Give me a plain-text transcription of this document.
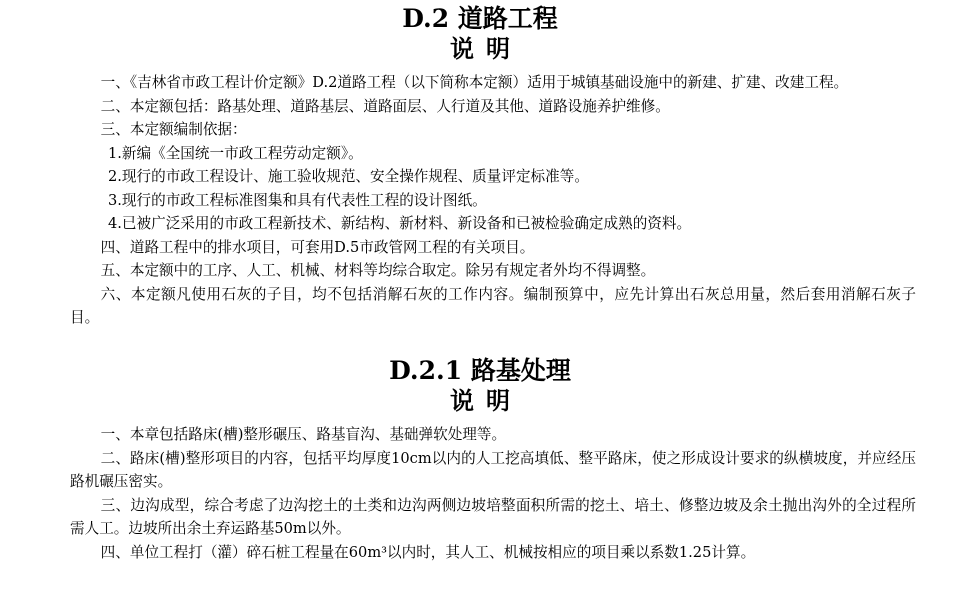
D.2 道路工程
说明

一、《吉林省市政工程计价定额》D.2道路工程（以下简称本定额）适用于城镇基础设施中的新建、扩建、改建工程。

二、本定额包括：路基处理、道路基层、道路面层、人行道及其他、道路设施养护维修。

三、本定额编制依据：

1.新编《全国统一市政工程劳动定额》。

2.现行的市政工程设计、施工验收规范、安全操作规程、质量评定标准等。

3.现行的市政工程标准图集和具有代表性工程的设计图纸。

4.已被广泛采用的市政工程新技术、新结构、新材料、新设备和已被检验确定成熟的资料。

四、道路工程中的排水项目，可套用D.5市政管网工程的有关项目。

五、本定额中的工序、人工、机械、材料等均综合取定。除另有规定者外均不得调整。

六、本定额凡使用石灰的子目，均不包括消解石灰的工作内容。编制预算中，应先计算出石灰总用量，然后套用消解石灰子目。

D.2.1 路基处理
说明

一、本章包括路床(槽)整形碾压、路基盲沟、基础弹软处理等。

二、路床(槽)整形项目的内容，包括平均厚度10cm以内的人工挖高填低、整平路床，使之形成设计要求的纵横坡度，并应经压路机碾压密实。

三、边沟成型，综合考虑了边沟挖土的土类和边沟两侧边坡培整面积所需的挖土、培土、修整边坡及余土抛出沟外的全过程所需人工。边坡所出余土弃运路基50m以外。

四、单位工程打（灌）碎石桩工程量在60m³以内时，其人工、机械按相应的项目乘以系数1.25计算。
